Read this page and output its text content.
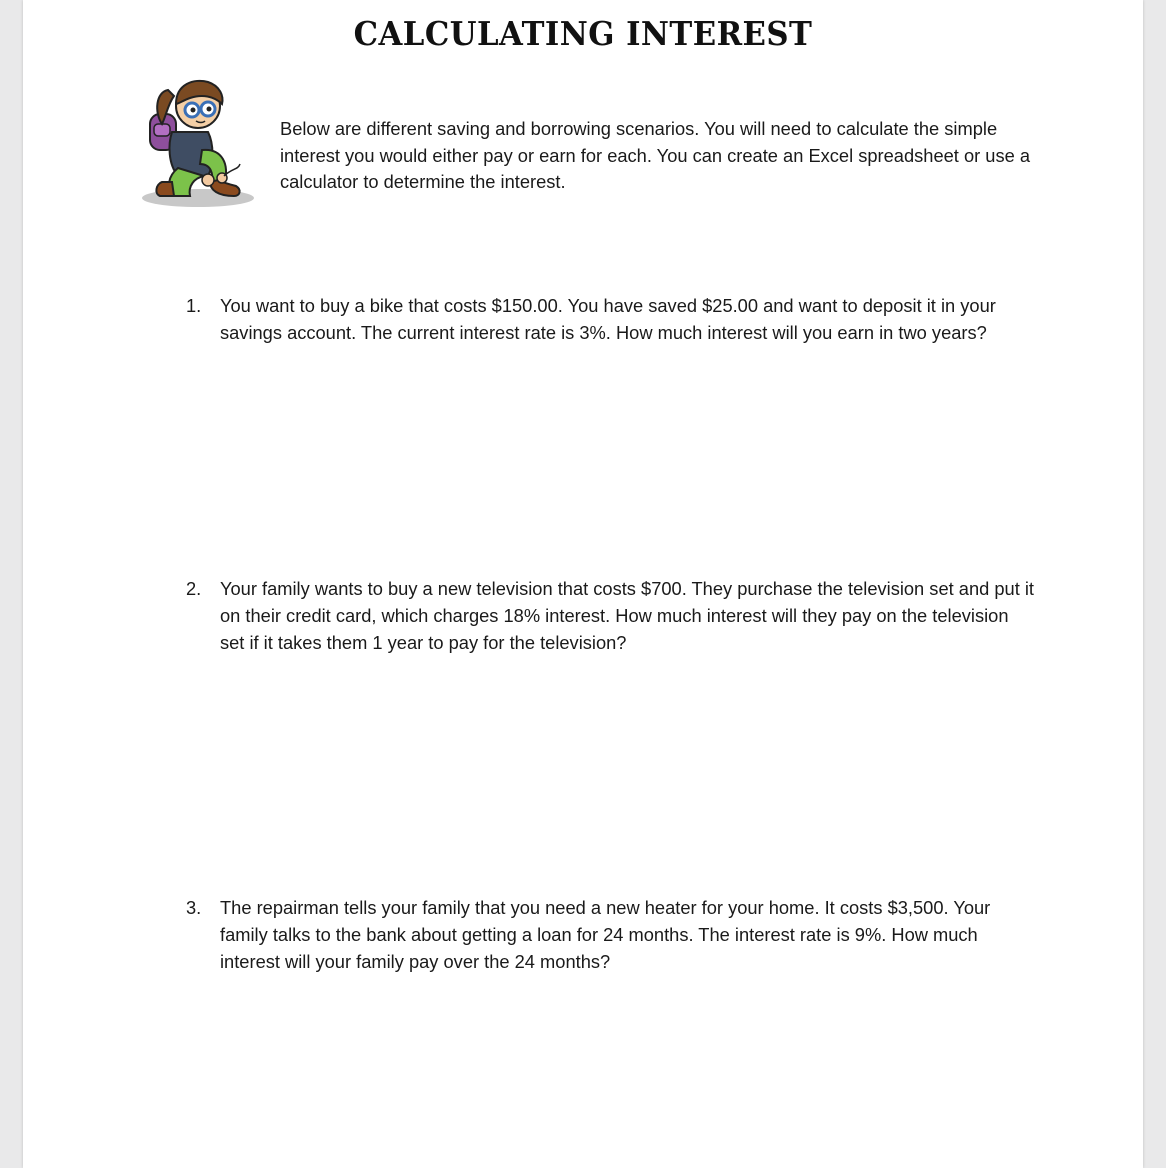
CALCULATING INTEREST

Below are different saving and borrowing scenarios. You will need to calculate the simple interest you would either pay or earn for each. You can create an Excel spreadsheet or use a calculator to determine the interest.

1.	You want to buy a bike that costs $150.00. You have saved $25.00 and want to deposit it in your savings account. The current interest rate is 3%. How much interest will you earn in two years?
2.	Your family wants to buy a new television that costs $700. They purchase the television set and put it on their credit card, which charges 18% interest. How much interest will they pay on the television set if it takes them 1 year to pay for the television?
3.	The repairman tells your family that you need a new heater for your home. It costs $3,500. Your family talks to the bank about getting a loan for 24 months. The interest rate is 9%. How much interest will your family pay over the 24 months?
